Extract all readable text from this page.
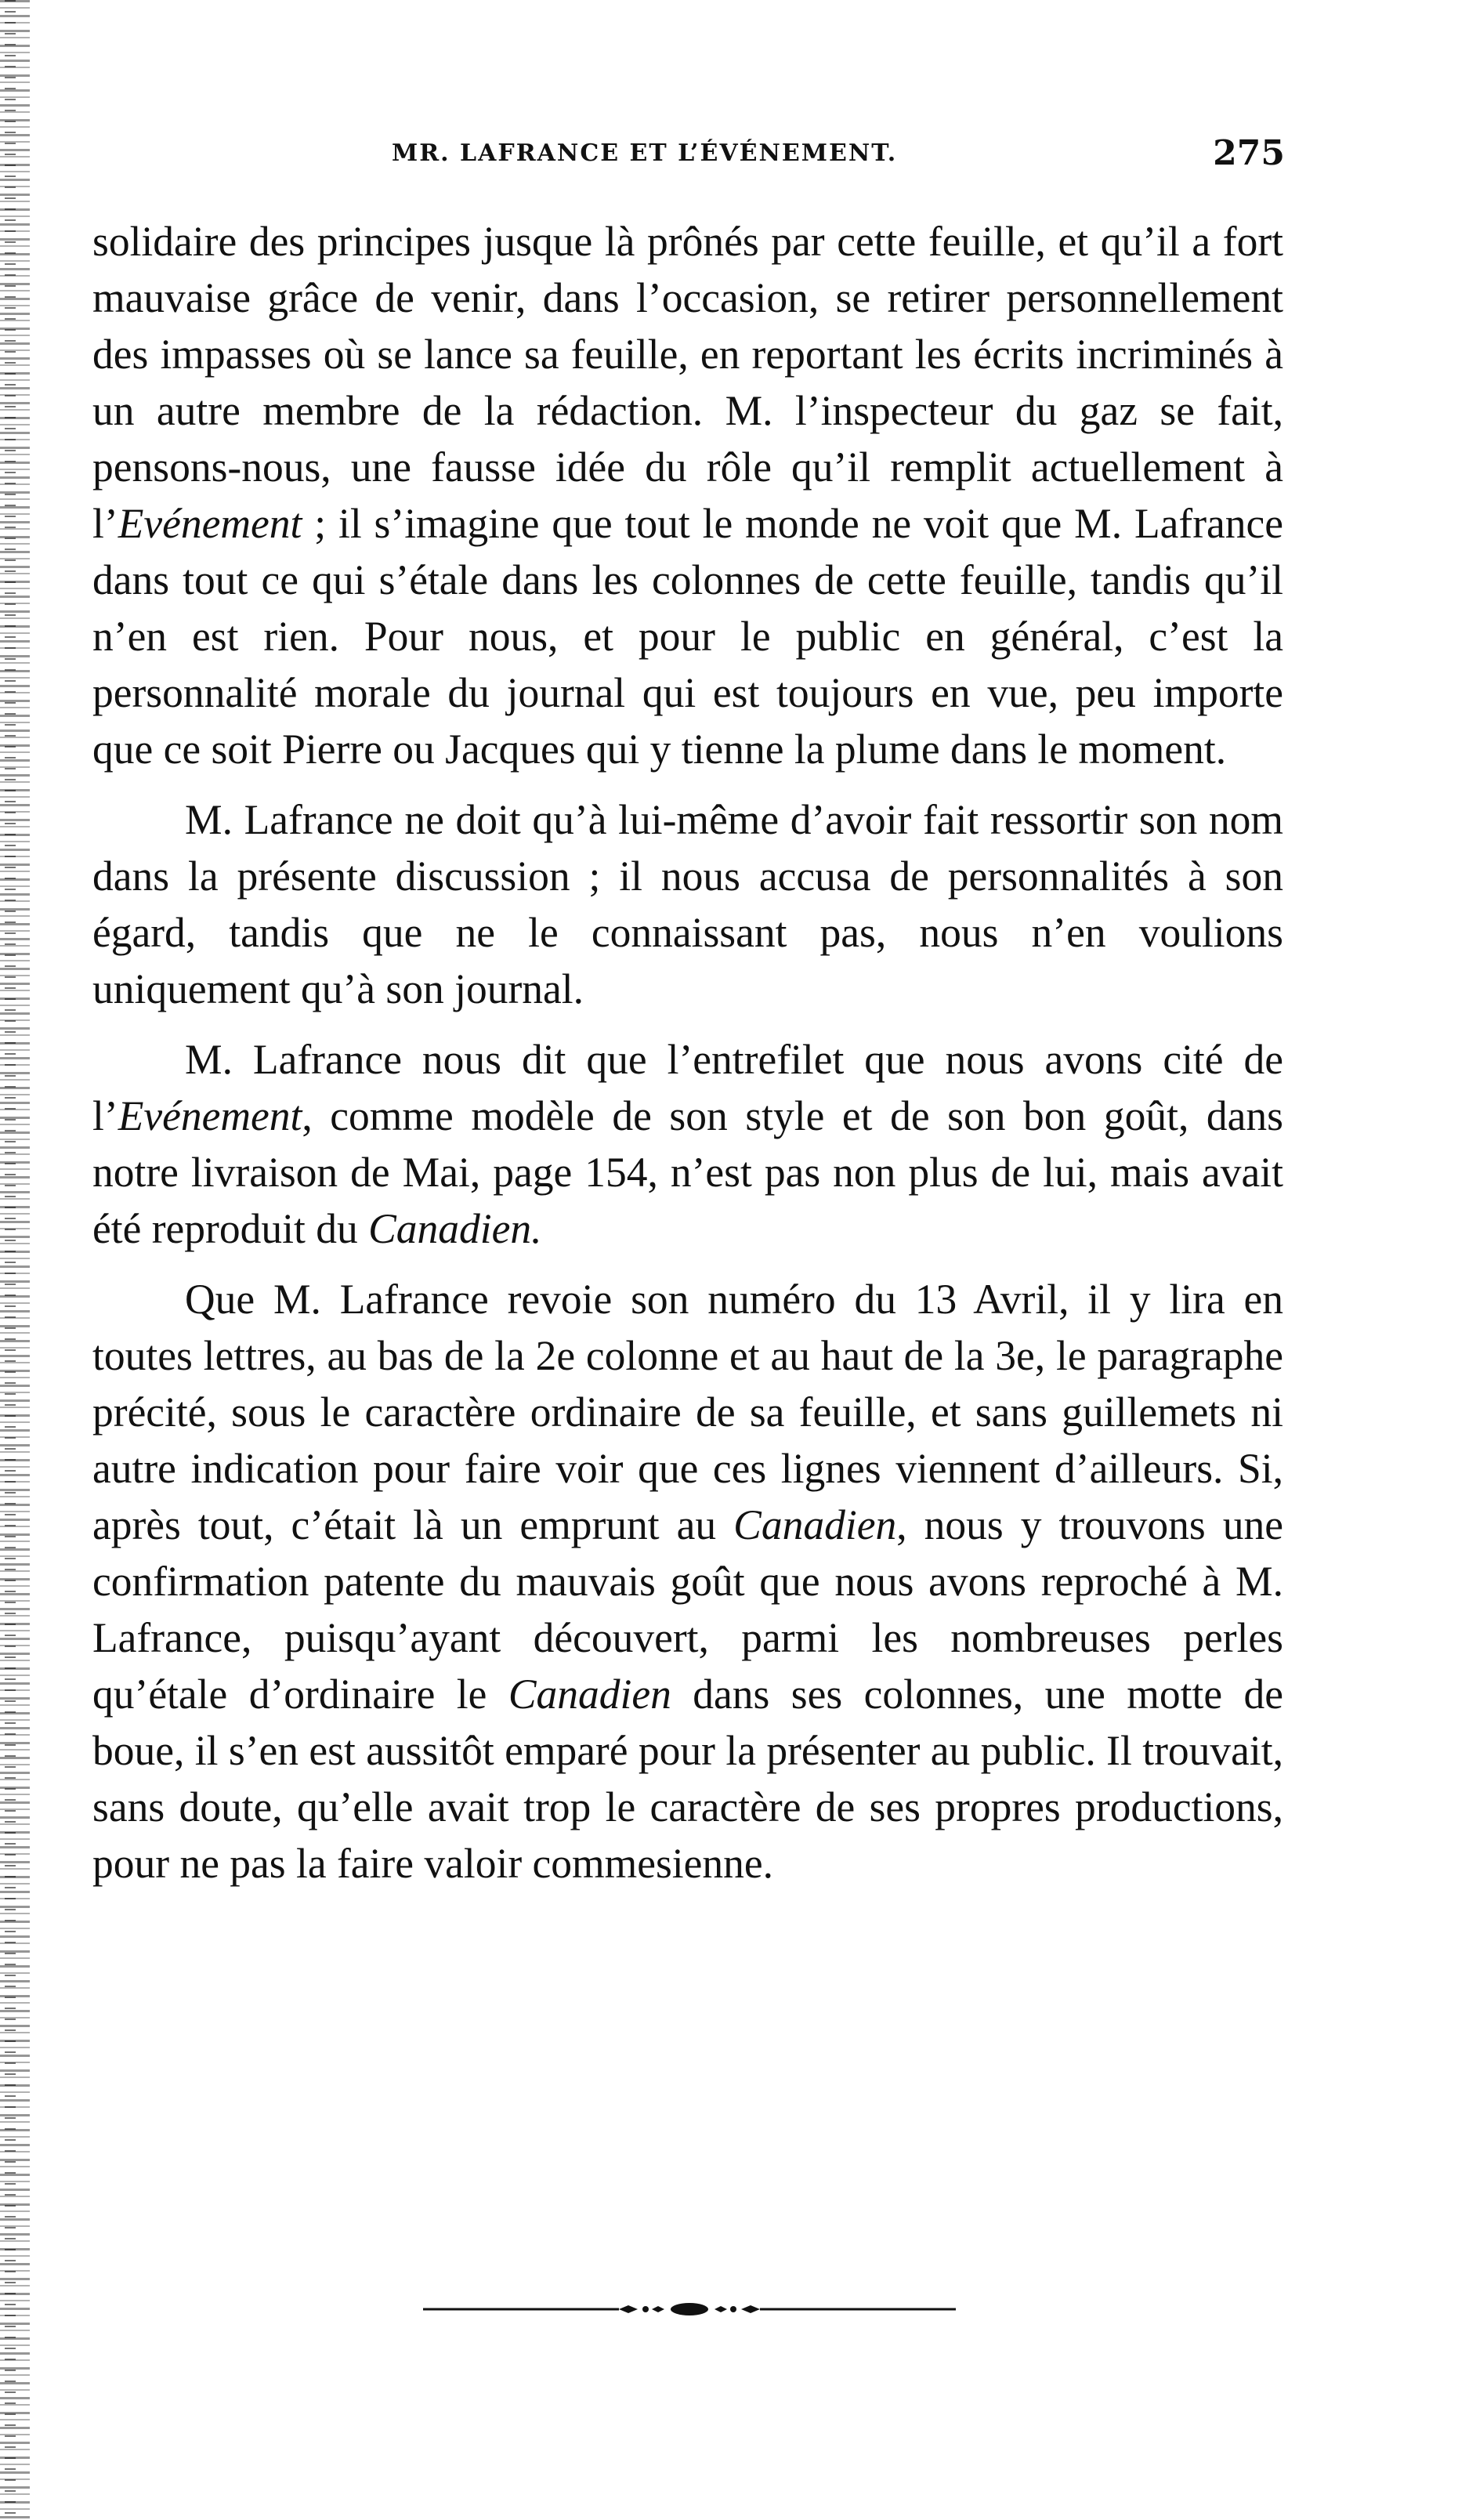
MR. LAFRANCE ET L’ÉVÉNEMENT.	275

solidaire des principes jusque là prônés par cette feuille, et qu’il a fort mauvaise grâce de venir, dans l’occasion, se retirer personnellement des impasses où se lance sa feuille, en reportant les écrits incriminés à un autre membre de la rédaction. M. l’inspecteur du gaz se fait, pensons-nous, une fausse idée du rôle qu’il remplit actuellement à l’Evénement ; il s’imagine que tout le monde ne voit que M. Lafrance dans tout ce qui s’étale dans les colonnes de cette feuille, tandis qu’il n’en est rien. Pour nous, et pour le public en général, c’est la personnalité morale du journal qui est toujours en vue, peu importe que ce soit Pierre ou Jacques qui y tienne la plume dans le moment.

M. Lafrance ne doit qu’à lui-même d’avoir fait ressortir son nom dans la présente discussion ; il nous accusa de personnalités à son égard, tandis que ne le connaissant pas, nous n’en voulions uniquement qu’à son journal.

M. Lafrance nous dit que l’entrefilet que nous avons cité de l’Evénement, comme modèle de son style et de son bon goût, dans notre livraison de Mai, page 154, n’est pas non plus de lui, mais avait été reproduit du Canadien.

Que M. Lafrance revoie son numéro du 13 Avril, il y lira en toutes lettres, au bas de la 2e colonne et au haut de la 3e, le paragraphe précité, sous le caractère ordinaire de sa feuille, et sans guillemets ni autre indication pour faire voir que ces lignes viennent d’ailleurs. Si, après tout, c’était là un emprunt au Canadien, nous y trouvons une confirmation patente du mauvais goût que nous avons reproché à M. Lafrance, puisqu’ayant découvert, parmi les nombreuses perles qu’étale d’ordinaire le Canadien dans ses colonnes, une motte de boue, il s’en est aussitôt emparé pour la présenter au public. Il trouvait, sans doute, qu’elle avait trop le caractère de ses propres productions, pour ne pas la faire valoir commesienne.
